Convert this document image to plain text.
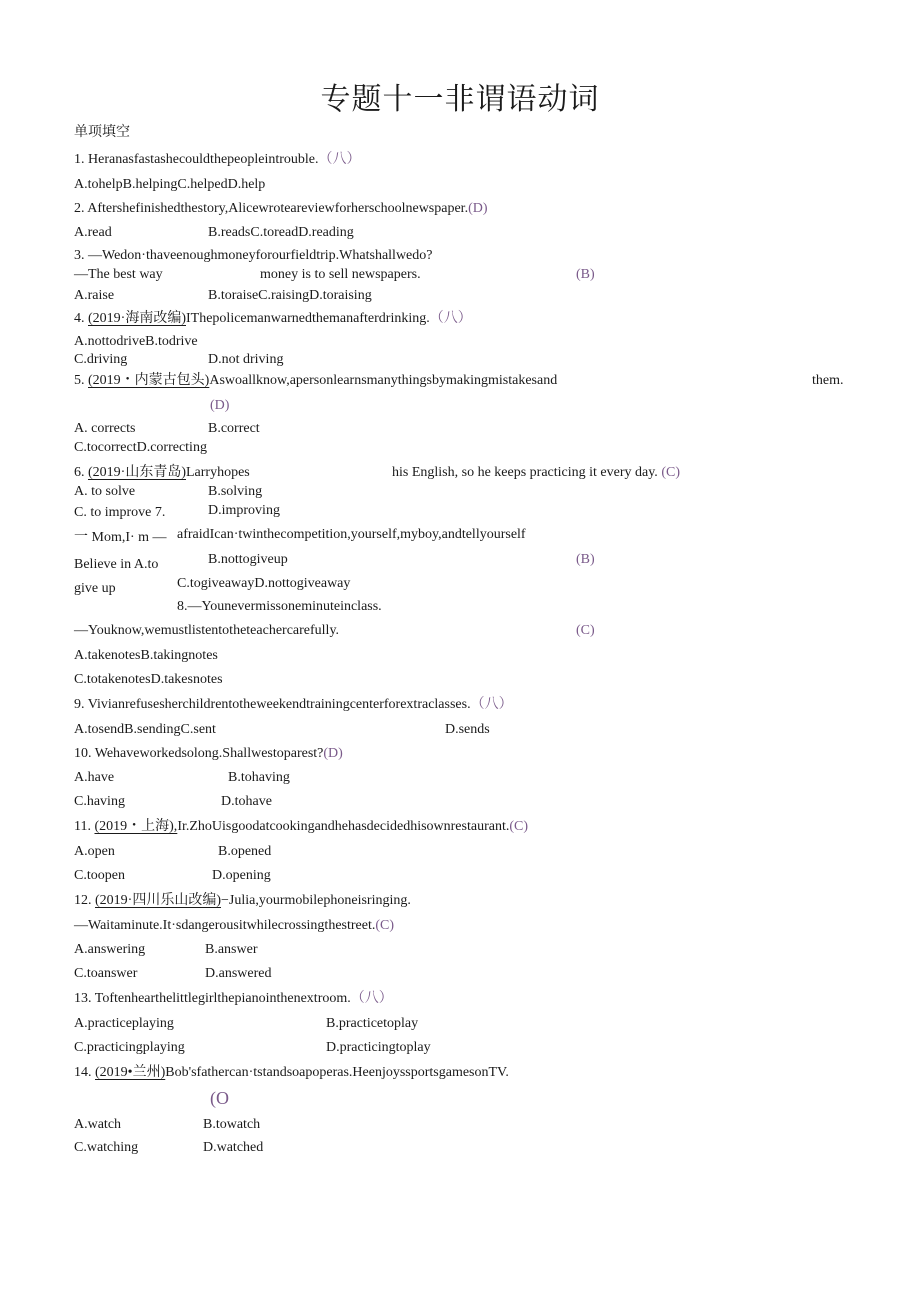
专题十一非谓语动词
单项填空
1. Heranasfastashecouldthepeopleintrouble.（八）
A.tohelpB.helpingC.helpedD.help
2. Aftershefinishedthestory,Alicewroteareviewforherschoolnewspaper.(D)
A.read	B.readsC.toreadD.reading
3. —Wedon·thaveenoughmoneyforourfieldtrip.Whatshallwedo?
—The best way	money is to sell newspapers.	(B)
A.raise	B.toraiseC.raisingD.toraising
4. (2019·海南改编)IThepolicemanwarnedthemanafterdrinking.（八）
A.nottodriveB.todrive
C.driving	D.not driving
5. (2019・内蒙古包头)Aswoallknow,apersonlearnsmanythingsbymakingmistakesand	them.
(D)
A. corrects	B.correct
C.tocorrectD.correcting
6. (2019·山东青岛)Larryhopes	his English, so he keeps practicing it every day. (C)
A. to solve	B.solving
C. to improve 7.	D.improving
一 Mom,I· m — afraidIcan·twinthecompetition,yourself,myboy,andtellyourself
B.nottogiveup	(B)
Believe in A.to
give up	C.togiveawayD.nottogiveaway
8.—Younevermissoneminuteinclass.
—Youknow,wemustlistentotheteachercarefully.	(C)
A.takenotesB.takingnotes
C.totakenotesD.takesnotes
9. Vivianrefusesherchildrentotheweekendtrainingcenterforextraclasses.（八）
A.tosendB.sendingC.sent	D.sends
10. Wehaveworkedsolong.Shallwestoparest?(D)
A.have	B.tohaving
C.having	D.tohave
11. (2019・上海),Ir.ZhoUisgoodatcookingandhehasdecidedhisownrestaurant.(C)
A.open	B.opened
C.toopen	D.opening
12. (2019·四川乐山改编)−Julia,yourmobilephoneisringing.
—Waitaminute.It·sdangerousitwhilecrossingthestreet.(C)
A.answering	B.answer
C.toanswer	D.answered
13. Toftenhearthelittlegirlthepianointhenextroom.（八）
A.practiceplaying	B.practicetoplay
C.practicingplaying	D.practicingtoplay
14. (2019•兰州)Bob'sfathercan·tstandsoapoperas.HeenjoyssportsgamesonTV.
(O
A.watch	B.towatch
C.watching	D.watched
